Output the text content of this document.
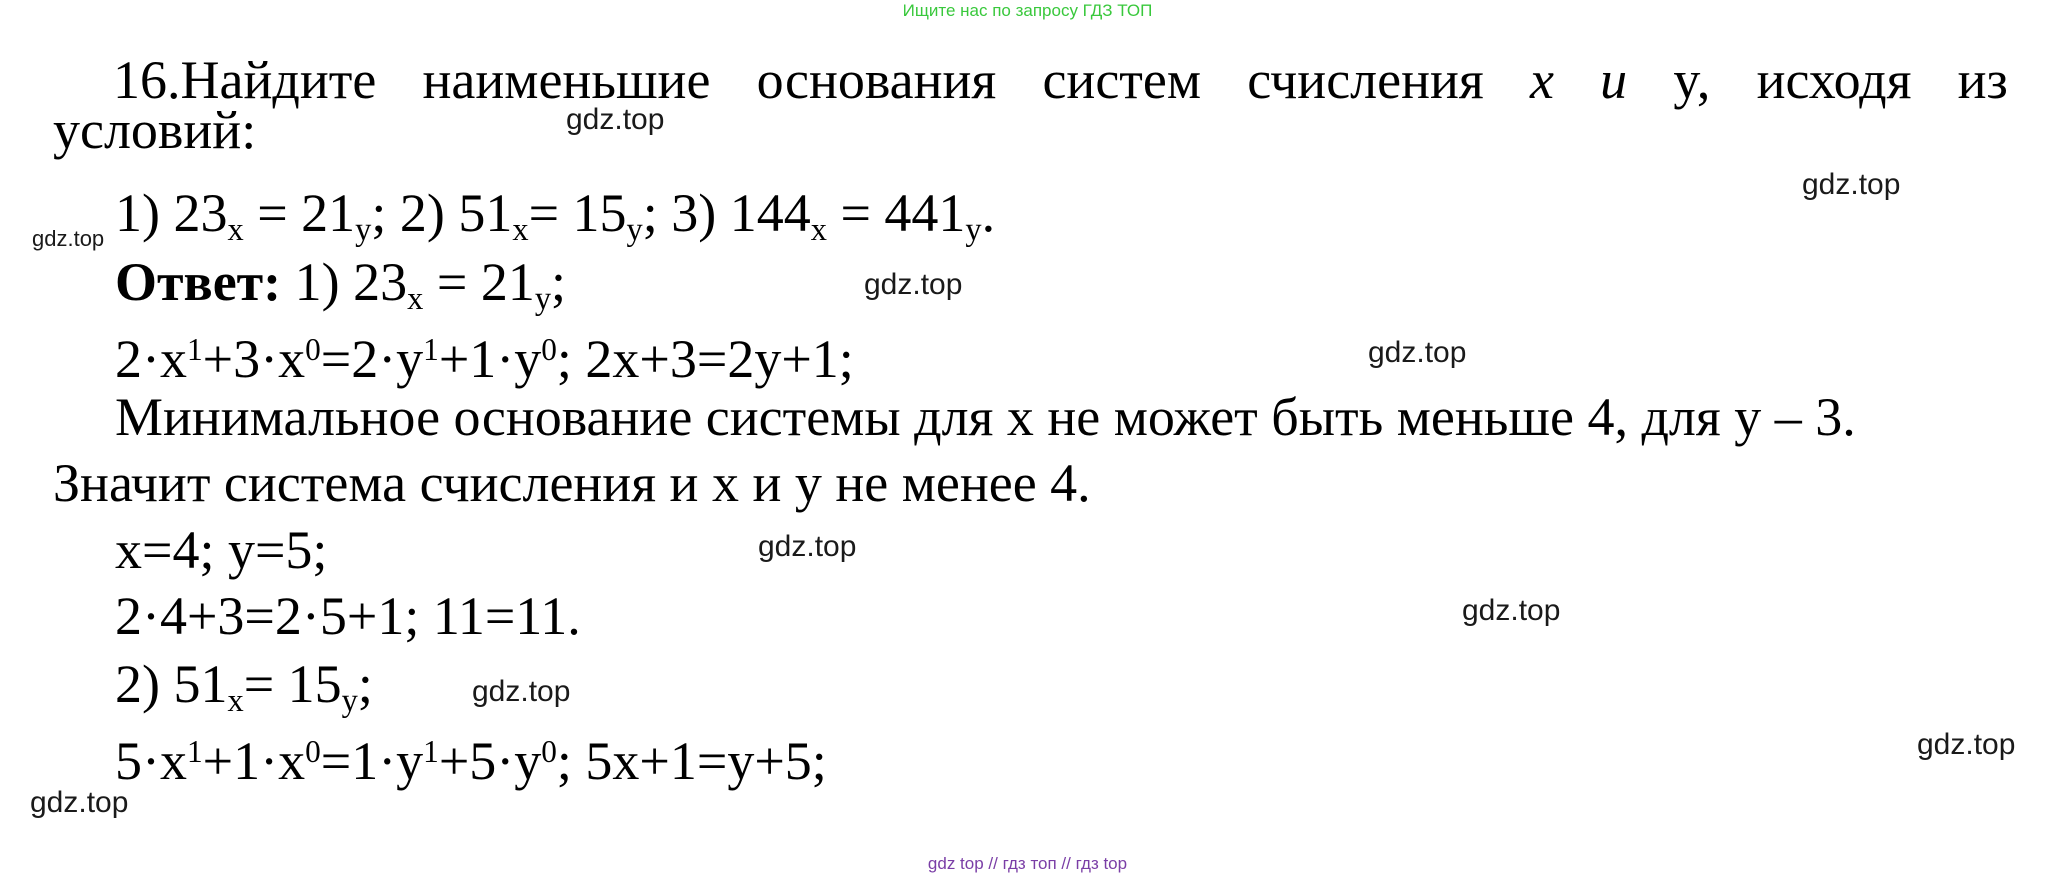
Ищите нас по запросу ГДЗ ТОП
16.Найдите наименьшие основания систем счисления x и y, исходя из
условий:
1) $23_x = 21_y$; 2) $51_x= 15_y$; 3) $144_x = 441_y$.
Ответ: 1) $23_x = 21_y$;
$2\cdot x^1+3\cdot x^0=2\cdot y^1+1\cdot y^0$; 2x+3=2y+1;
Минимальное основание системы для x не может быть меньше 4, для y – 3.
Значит система счисления и x и y не менее 4.
x=4; y=5;
2·4+3=2·5+1; 11=11.
2) $51_x= 15_y$;
$5\cdot x^1+1\cdot x^0=1\cdot y^1+5\cdot y^0$; 5x+1=y+5;
gdz.top
gdz.top
gdz.top
gdz.top
gdz.top
gdz.top
gdz.top
gdz.top
gdz.top
gdz.top
gdz top // гдз топ // гдз top
